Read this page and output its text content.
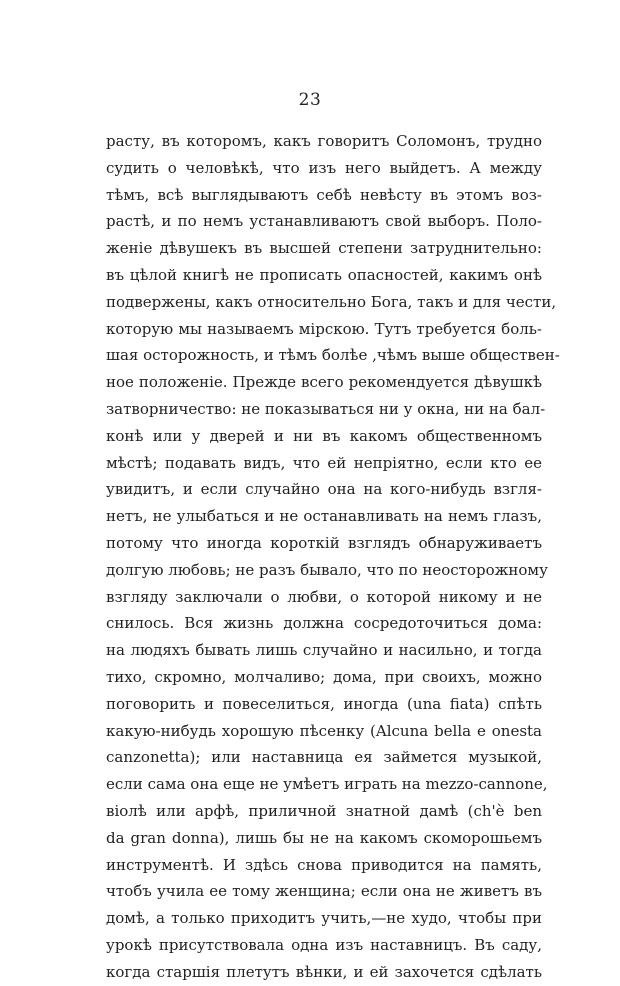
23
расту, въ которомъ, какъ говоритъ Соломонъ, трудно
судить о человѣкѣ, что изъ него выйдетъ. А между
тѣмъ, всѣ выглядываютъ себѣ невѣсту въ этомъ воз-
растѣ, и по немъ устанавливаютъ свой выборъ. Поло-
женіе дѣвушекъ въ высшей степени затруднительно:
въ цѣлой книгѣ не прописать опасностей, какимъ онѣ
подвержены, какъ относительно Бога, такъ и для чести,
которую мы называемъ мірскою. Тутъ требуется боль-
шая осторожность, и тѣмъ болѣе ,чѣмъ выше обществен-
ное положеніе. Прежде всего рекомендуется дѣвушкѣ
затворничество: не показываться ни у окна, ни на бал-
конѣ или у дверей и ни въ какомъ общественномъ
мѣстѣ; подавать видъ, что ей непріятно, если кто ее
увидитъ, и если случайно она на кого-нибудь взгля-
нетъ, не улыбаться и не останавливать на немъ глазъ,
потому что иногда короткій взглядъ обнаруживаетъ
долгую любовь; не разъ бывало, что по неосторожному
взгляду заключали о любви, о которой никому и не
снилось. Вся жизнь должна сосредоточиться дома:
на людяхъ бывать лишь случайно и насильно, и тогда
тихо, скромно, молчаливо; дома, при своихъ, можно
поговорить и повеселиться, иногда (una fiata) спѣть
какую-нибудь хорошую пѣсенку (Alcuna bella e onesta
canzonetta); или наставница ея займется музыкой,
если сама она еще не умѣетъ играть на mezzo-cannone,
віолѣ или арфѣ, приличной знатной дамѣ (ch'è ben
da gran donna), лишь бы не на какомъ скоморошьемъ
инструментѣ. И здѣсь снова приводится на память,
чтобъ учила ее тому женщина; если она не живетъ въ
домѣ, а только приходитъ учить,—не худо, чтобы при
урокѣ присутствовала одна изъ наставницъ. Въ саду,
когда старшія плетутъ вѣнки, и ей захочется сдѣлать
